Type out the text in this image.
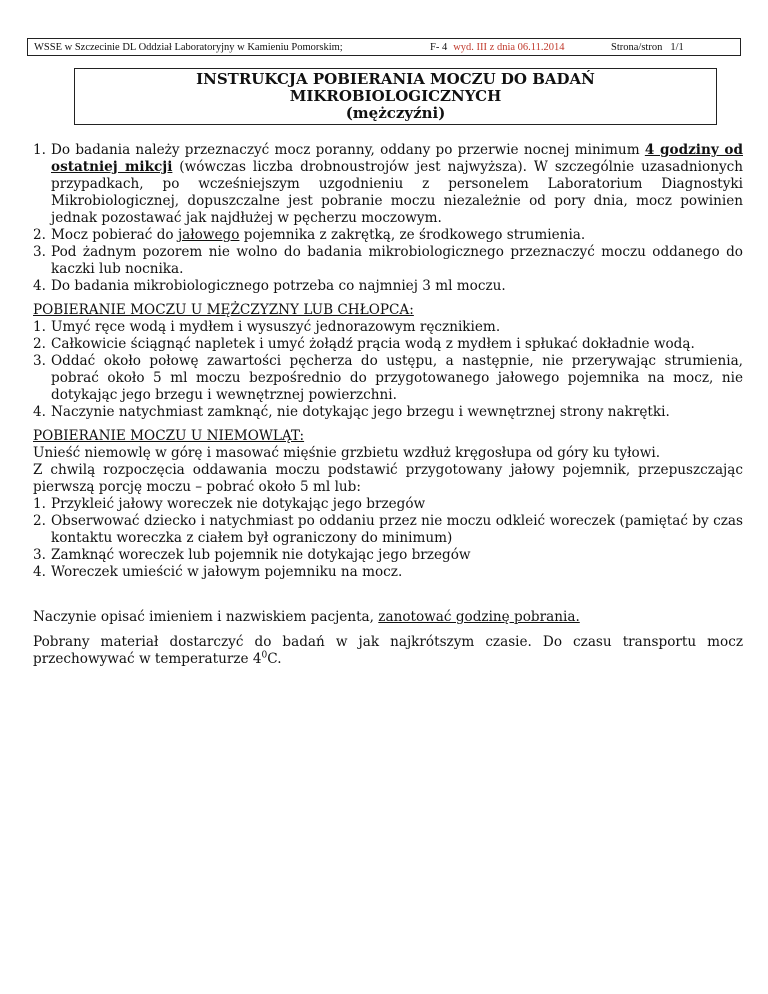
WSSE w Szczecinie DL Oddział Laboratoryjny w Kamieniu Pomorskim;	F- 4 wyd. III z dnia 06.11.2014	Strona/stron 1/1
INSTRUKCJA POBIERANIA MOCZU DO BADAŃ
MIKROBIOLOGICZNYCH
(mężczyźni)
1. Do badania należy przeznaczyć mocz poranny, oddany po przerwie nocnej minimum 4 godziny od ostatniej mikcji (wówczas liczba drobnoustrojów jest najwyższa). W szczególnie uzasadnionych przypadkach, po wcześniejszym uzgodnieniu z personelem Laboratorium Diagnostyki Mikrobiologicznej, dopuszczalne jest pobranie moczu niezależnie od pory dnia, mocz powinien jednak pozostawać jak najdłużej w pęcherzu moczowym.
2. Mocz pobierać do jałowego pojemnika z zakrętką, ze środkowego strumienia.
3. Pod żadnym pozorem nie wolno do badania mikrobiologicznego przeznaczyć moczu oddanego do kaczki lub nocnika.
4. Do badania mikrobiologicznego potrzeba co najmniej 3 ml moczu.
POBIERANIE MOCZU U MĘŻCZYZNY LUB CHŁOPCA:
1. Umyć ręce wodą i mydłem i wysuszyć jednorazowym ręcznikiem.
2. Całkowicie ściągnąć napletek i umyć żołądź prącia wodą z mydłem i spłukać dokładnie wodą.
3. Oddać około połowę zawartości pęcherza do ustępu, a następnie, nie przerywając strumienia, pobrać około 5 ml moczu bezpośrednio do przygotowanego jałowego pojemnika na mocz, nie dotykając jego brzegu i wewnętrznej powierzchni.
4. Naczynie natychmiast zamknąć, nie dotykając jego brzegu i wewnętrznej strony nakrętki.
POBIERANIE MOCZU U NIEMOWLĄT:
Unieść niemowlę w górę i masować mięśnie grzbietu wzdłuż kręgosłupa od góry ku tyłowi.
Z chwilą rozpoczęcia oddawania moczu podstawić przygotowany jałowy pojemnik, przepuszczając pierwszą porcję moczu – pobrać około 5 ml lub:
1. Przykleić jałowy woreczek nie dotykając jego brzegów
2. Obserwować dziecko i natychmiast po oddaniu przez nie moczu odkleić woreczek (pamiętać by czas kontaktu woreczka z ciałem był ograniczony do minimum)
3. Zamknąć woreczek lub pojemnik nie dotykając jego brzegów
4. Woreczek umieścić w jałowym pojemniku na mocz.
Naczynie opisać imieniem i nazwiskiem pacjenta, zanotować godzinę pobrania.
Pobrany materiał dostarczyć do badań w jak najkrótszym czasie. Do czasu transportu mocz przechowywać w temperaturze $4^0C$.
